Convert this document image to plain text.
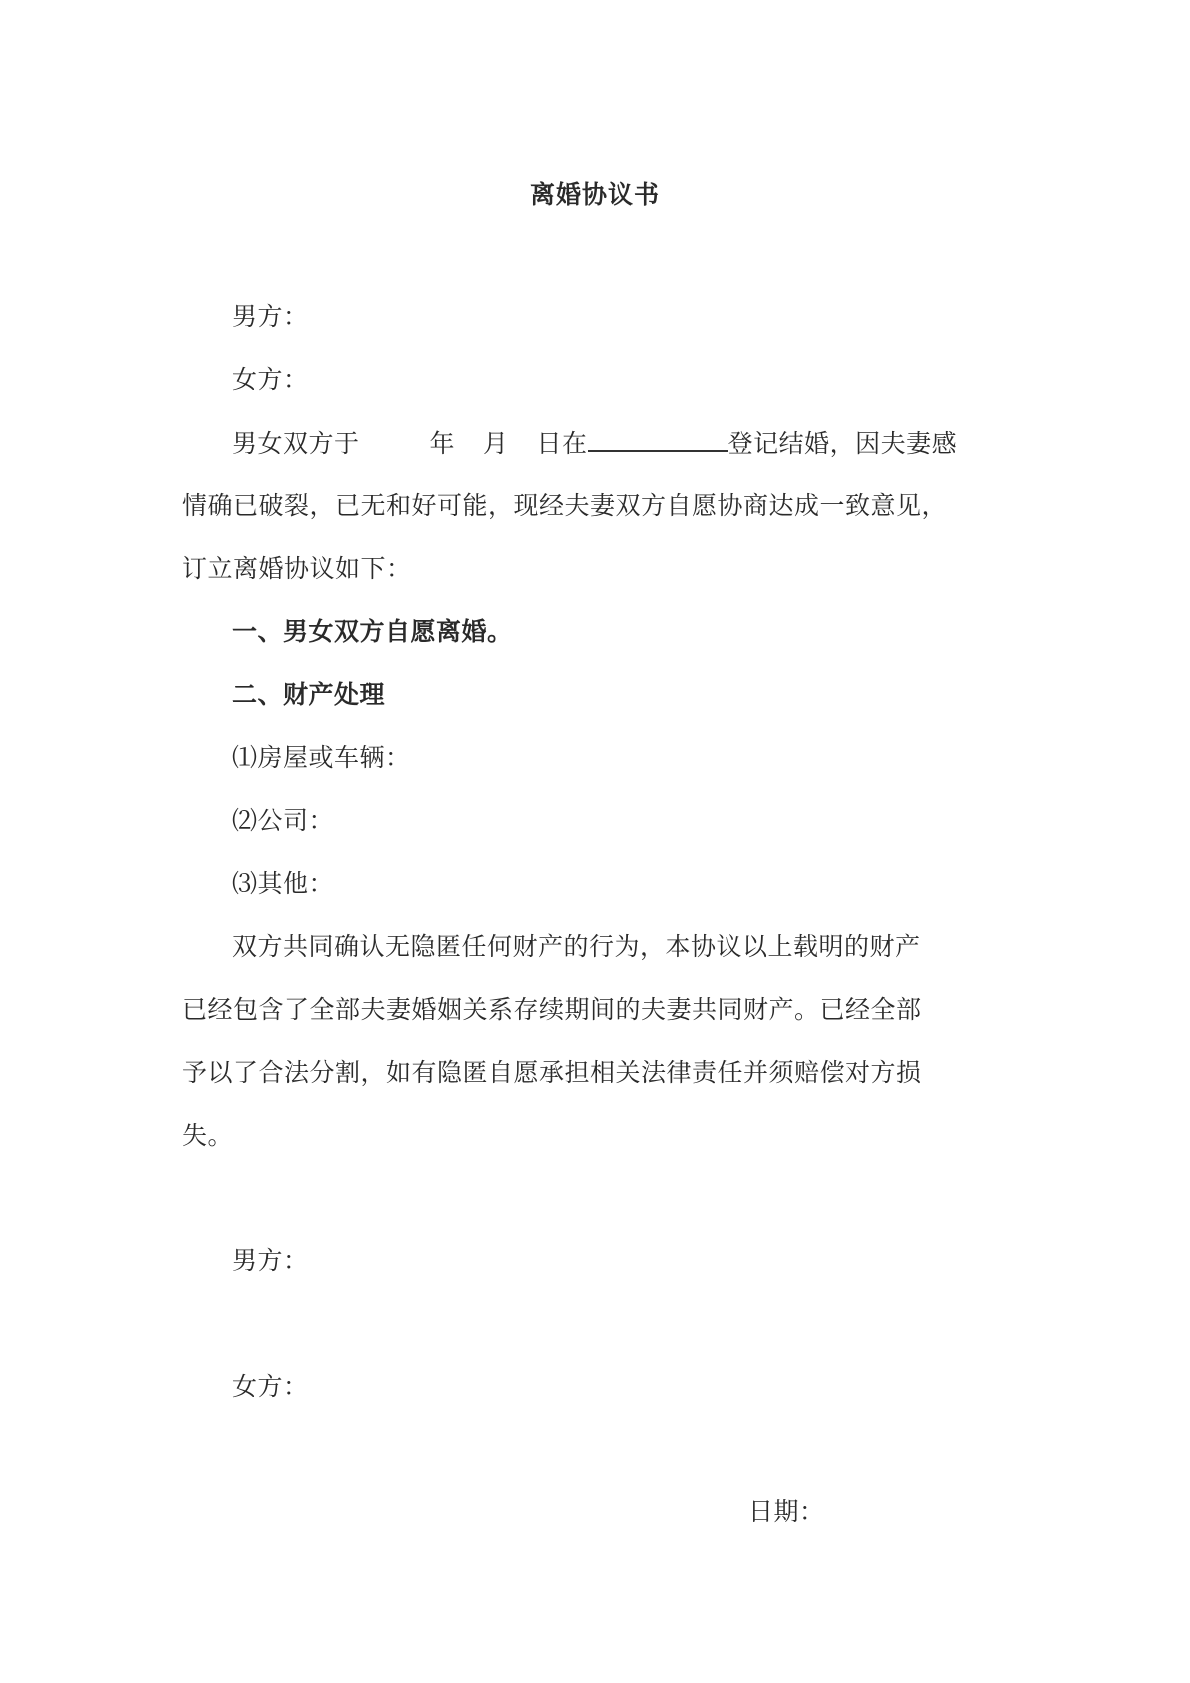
离婚协议书
男方：
女方：
男女双方于	年 月 日在	登记结婚，因夫妻感
情确已破裂，已无和好可能，现经夫妻双方自愿协商达成一致意见，
订立离婚协议如下：
一、男女双方自愿离婚。
二、财产处理
⑴房屋或车辆：
⑵公司：
⑶其他：
双方共同确认无隐匿任何财产的行为，本协议以上载明的财产
已经包含了全部夫妻婚姻关系存续期间的夫妻共同财产。已经全部
予以了合法分割，如有隐匿自愿承担相关法律责任并须赔偿对方损
失。
男方：
女方：
日期：
